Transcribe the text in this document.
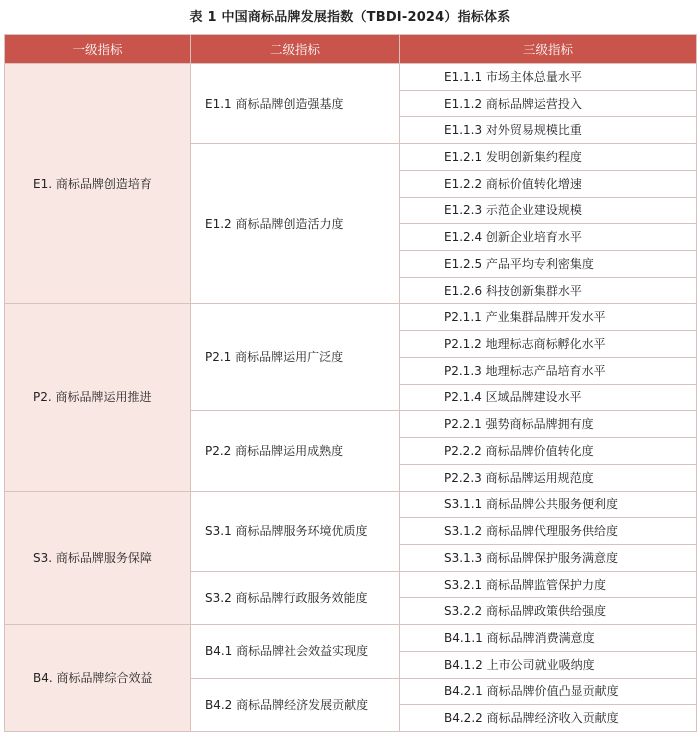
表 1 中国商标品牌发展指数（TBDI-2024）指标体系
一级指标	二级指标	三级指标
E1. 商标品牌创造培育	E1.1 商标品牌创造强基度	E1.1.1 市场主体总量水平
		E1.1.2 商标品牌运营投入
		E1.1.3 对外贸易规模比重
	E1.2 商标品牌创造活力度	E1.2.1 发明创新集约程度
		E1.2.2 商标价值转化增速
		E1.2.3 示范企业建设规模
		E1.2.4 创新企业培育水平
		E1.2.5 产品平均专利密集度
		E1.2.6 科技创新集群水平
P2. 商标品牌运用推进	P2.1 商标品牌运用广泛度	P2.1.1 产业集群品牌开发水平
		P2.1.2 地理标志商标孵化水平
		P2.1.3 地理标志产品培育水平
		P2.1.4 区域品牌建设水平
	P2.2 商标品牌运用成熟度	P2.2.1 强势商标品牌拥有度
		P2.2.2 商标品牌价值转化度
		P2.2.3 商标品牌运用规范度
S3. 商标品牌服务保障	S3.1 商标品牌服务环境优质度	S3.1.1 商标品牌公共服务便利度
		S3.1.2 商标品牌代理服务供给度
		S3.1.3 商标品牌保护服务满意度
	S3.2 商标品牌行政服务效能度	S3.2.1 商标品牌监管保护力度
		S3.2.2 商标品牌政策供给强度
B4. 商标品牌综合效益	B4.1 商标品牌社会效益实现度	B4.1.1 商标品牌消费满意度
		B4.1.2 上市公司就业吸纳度
	B4.2 商标品牌经济发展贡献度	B4.2.1 商标品牌价值凸显贡献度
		B4.2.2 商标品牌经济收入贡献度
